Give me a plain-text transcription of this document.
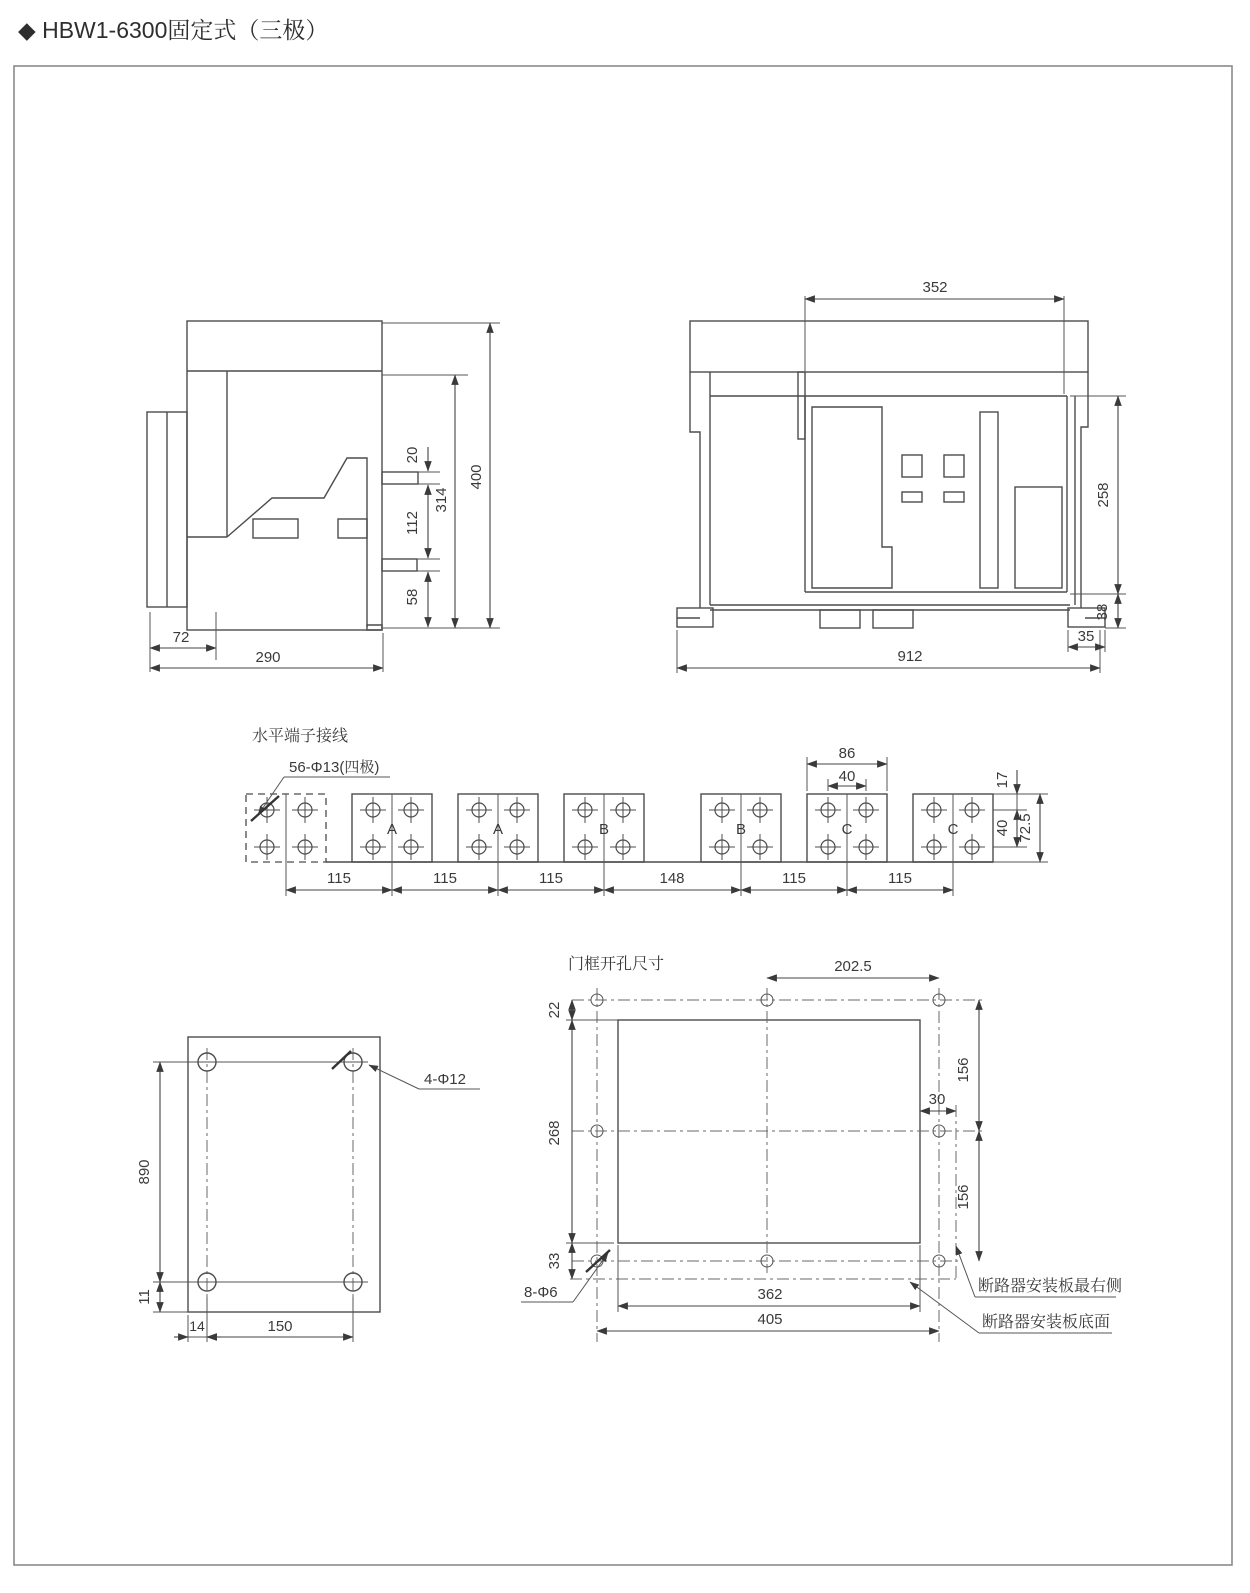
◆ HBW1-6300固定式（三极）
400
314
20
112
58
72
290
352
258
38
912
35
水平端子接线
A	A	B	B	C	C
115	115	115	148	115	115
86
40	17
40 72.5
56-Φ13(四极)
890
11
14	150
4-Φ12
门框开孔尺寸	202.5
22
268
33
30
156
156
362
405
8-Φ6	断路器安装板最右侧
断路器安装板底面
